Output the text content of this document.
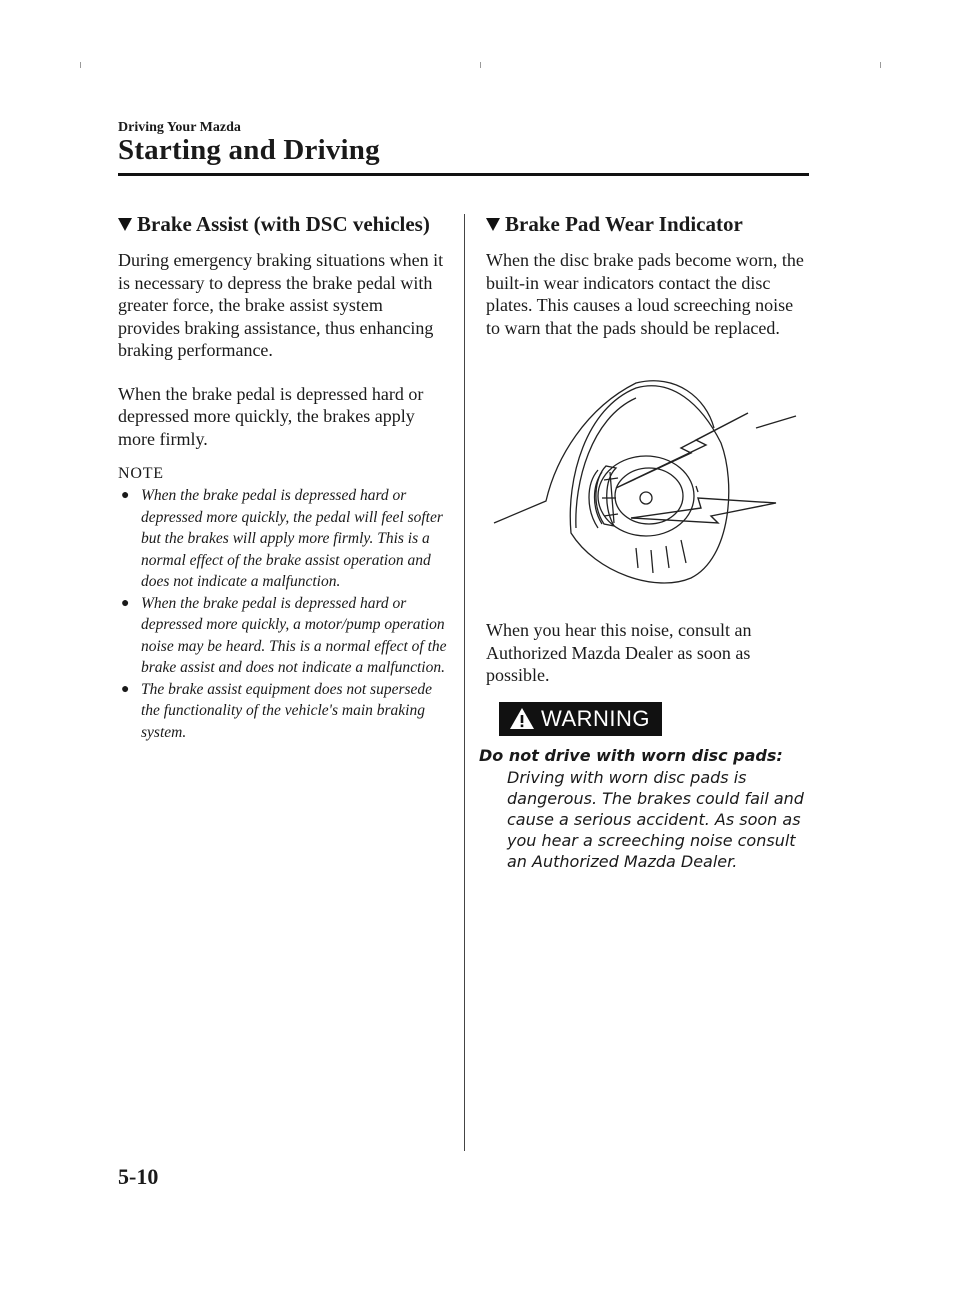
Driving Your Mazda
Starting and Driving
Brake Assist (with DSC vehicles)

During emergency braking situations when it is necessary to depress the brake pedal with greater force, the brake assist system provides braking assistance, thus enhancing braking performance.

When the brake pedal is depressed hard or depressed more quickly, the brakes apply more firmly.

NOTE
● When the brake pedal is depressed hard or depressed more quickly, the pedal will feel softer but the brakes will apply more firmly. This is a normal effect of the brake assist operation and does not indicate a malfunction.
● When the brake pedal is depressed hard or depressed more quickly, a motor/pump operation noise may be heard. This is a normal effect of the brake assist and does not indicate a malfunction.
● The brake assist equipment does not supersede the functionality of the vehicle's main braking system.
Brake Pad Wear Indicator

When the disc brake pads become worn, the built-in wear indicators contact the disc plates. This causes a loud screeching noise to warn that the pads should be replaced.

When you hear this noise, consult an Authorized Mazda Dealer as soon as possible.

WARNING
Do not drive with worn disc pads:
Driving with worn disc pads is dangerous. The brakes could fail and cause a serious accident. As soon as you hear a screeching noise consult an Authorized Mazda Dealer.
5-10
